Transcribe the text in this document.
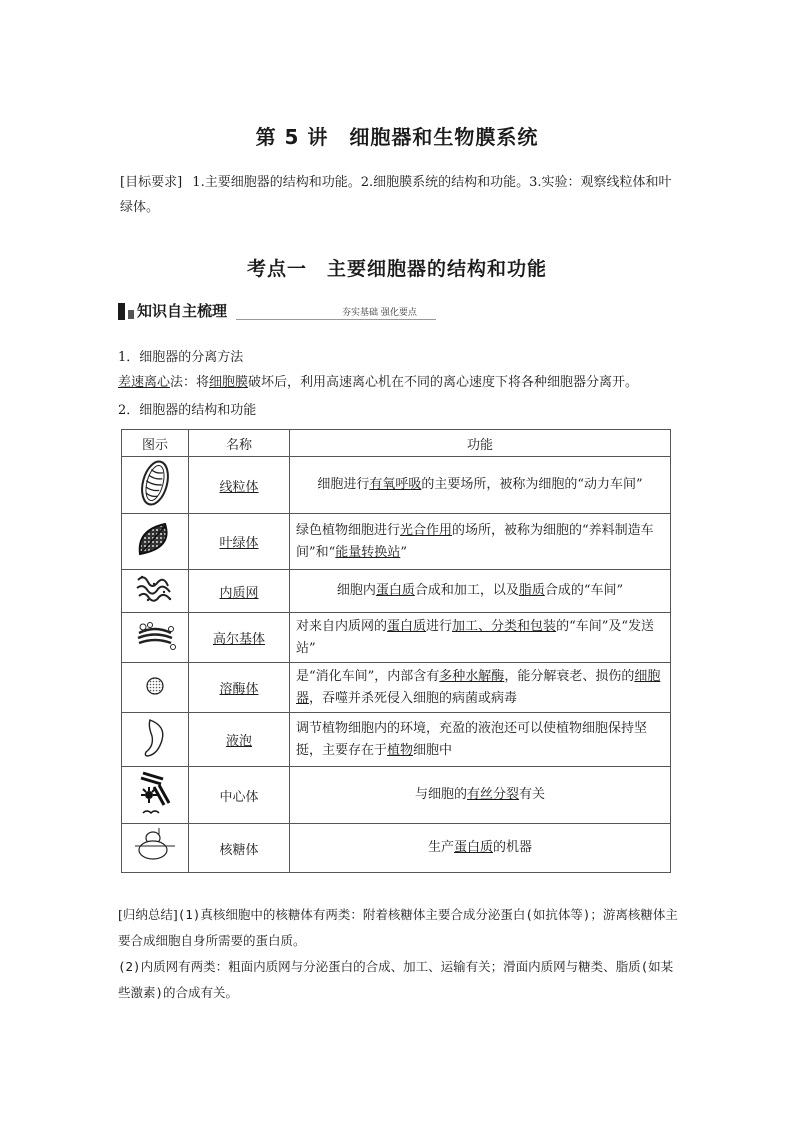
第 5 讲　细胞器和生物膜系统
[目标要求] 1.主要细胞器的结构和功能。2.细胞膜系统的结构和功能。3.实验：观察线粒体和叶绿体。
考点一　主要细胞器的结构和功能
知识自主梳理	夯实基础 强化要点
1．细胞器的分离方法
差速离心法：将细胞膜破坏后，利用高速离心机在不同的离心速度下将各种细胞器分离开。
2．细胞器的结构和功能
图示	名称	功能
	线粒体	细胞进行有氧呼吸的主要场所，被称为细胞的“动力车间”
	叶绿体	绿色植物细胞进行光合作用的场所，被称为细胞的“养料制造车间”和“能量转换站”
	内质网	细胞内蛋白质合成和加工，以及脂质合成的“车间”
	高尔基体	对来自内质网的蛋白质进行加工、分类和包装的“车间”及“发送站”
	溶酶体	是“消化车间”，内部含有多种水解酶，能分解衰老、损伤的细胞器，吞噬并杀死侵入细胞的病菌或病毒
	液泡	调节植物细胞内的环境，充盈的液泡还可以使植物细胞保持坚挺，主要存在于植物细胞中
	中心体	与细胞的有丝分裂有关
	核糖体	生产蛋白质的机器
[归纳总结](1)真核细胞中的核糖体有两类：附着核糖体主要合成分泌蛋白(如抗体等)；游离核糖体主要合成细胞自身所需要的蛋白质。
(2)内质网有两类：粗面内质网与分泌蛋白的合成、加工、运输有关；滑面内质网与糖类、脂质(如某些激素)的合成有关。
